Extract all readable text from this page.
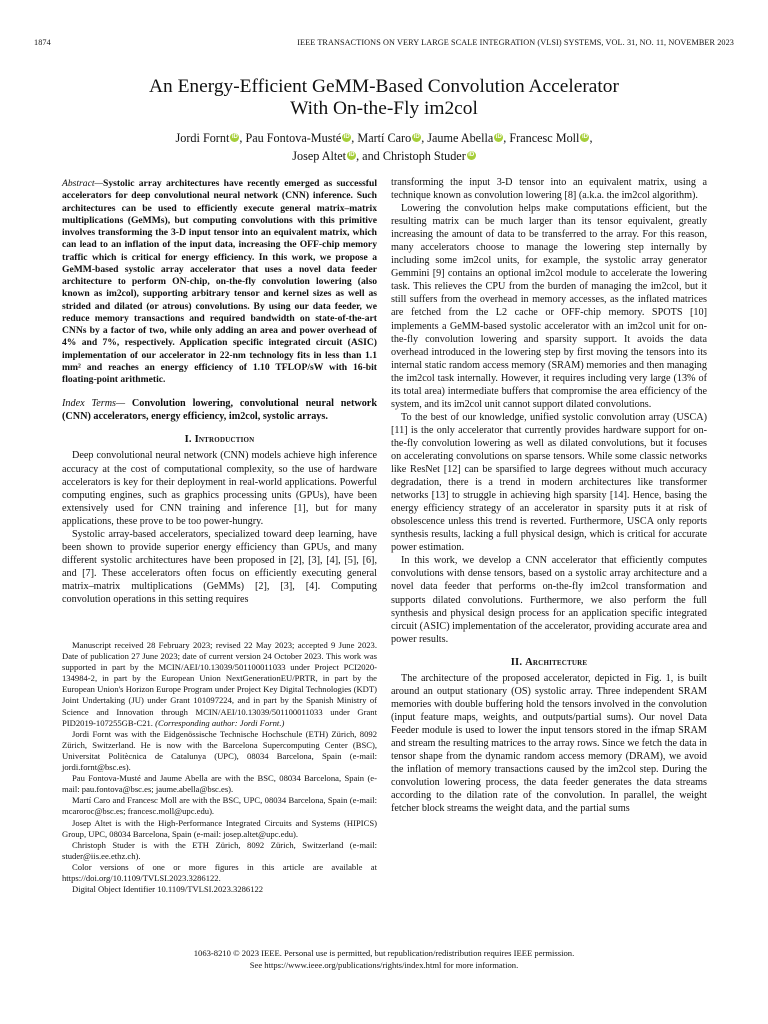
1874	IEEE TRANSACTIONS ON VERY LARGE SCALE INTEGRATION (VLSI) SYSTEMS, VOL. 31, NO. 11, NOVEMBER 2023
An Energy-Efficient GeMM-Based Convolution Accelerator
With On-the-Fly im2col
Jordi Fornt iD , Pau Fontova-Musté iD , Martí Caro iD , Jaume Abella iD , Francesc Moll iD ,
Josep Altet iD , and Christoph Studer iD

Abstract—Systolic array architectures have recently emerged as successful accelerators for deep convolutional neural network (CNN) inference. Such architectures can be used to efficiently execute general matrix–matrix multiplications (GeMMs), but computing convolutions with this primitive involves transforming the 3-D input tensor into an equivalent matrix, which can lead to an inflation of the input data, increasing the OFF-chip memory traffic which is critical for energy efficiency. In this work, we propose a GeMM-based systolic array accelerator that uses a novel data feeder architecture to perform ON-chip, on-the-fly convolution lowering (also known as im2col), supporting arbitrary tensor and kernel sizes as well as strided and dilated (or atrous) convolutions. By using our data feeder, we reduce memory transactions and required bandwidth on state-of-the-art CNNs by a factor of two, while only adding an area and power overhead of 4% and 7%, respectively. Application specific integrated circuit (ASIC) implementation of our accelerator in 22-nm technology fits in less than 1.1 mm² and reaches an energy efficiency of 1.10 TFLOP/sW with 16-bit floating-point arithmetic.

Index Terms— Convolution lowering, convolutional neural network (CNN) accelerators, energy efficiency, im2col, systolic arrays.

I. Introduction

Deep convolutional neural network (CNN) models achieve high inference accuracy at the cost of computational complexity, so the use of hardware accelerators is key for their deployment in real-world applications. Powerful computing engines, such as graphics processing units (GPUs), have been extensively used for CNN training and inference [1], but for many applications, these prove to be too power-hungry.

Systolic array-based accelerators, specialized toward deep learning, have been shown to provide superior energy efficiency than GPUs, and many different systolic architectures have been proposed in [2], [3], [4], [5], [6], and [7]. These accelerators often focus on efficiently executing general matrix–matrix multiplications (GeMMs) [2], [3], [4]. Computing convolution operations in this setting requires

Manuscript received 28 February 2023; revised 22 May 2023; accepted 9 June 2023. Date of publication 27 June 2023; date of current version 24 October 2023. This work was supported in part by the MCIN/AEI/10.13039/501100011033 under Project PCI2020-134984-2, in part by the European Union NextGenerationEU/PRTR, in part by the European Union's Horizon Europe Program under Project Key Digital Technologies (KDT) Joint Undertaking (JU) under Grant 101097224, and in part by the Spanish Ministry of Science and Innovation through MCIN/AEI/10.13039/501100011033 under Grant PID2019-107255GB-C21. (Corresponding author: Jordi Fornt.)

Jordi Fornt was with the Eidgenössische Technische Hochschule (ETH) Zürich, 8092 Zürich, Switzerland. He is now with the Barcelona Supercomputing Center (BSC), Universitat Politècnica de Catalunya (UPC), 08034 Barcelona, Spain (e-mail: jordi.fornt@bsc.es).

Pau Fontova-Musté and Jaume Abella are with the BSC, 08034 Barcelona, Spain (e-mail: pau.fontova@bsc.es; jaume.abella@bsc.es).

Martí Caro and Francesc Moll are with the BSC, UPC, 08034 Barcelona, Spain (e-mail: mcaroroc@bsc.es; francesc.moll@upc.edu).

Josep Altet is with the High-Performance Integrated Circuits and Systems (HIPICS) Group, UPC, 08034 Barcelona, Spain (e-mail: josep.altet@upc.edu).

Christoph Studer is with the ETH Zürich, 8092 Zürich, Switzerland (e-mail: studer@iis.ee.ethz.ch).

Color versions of one or more figures in this article are available at https://doi.org/10.1109/TVLSI.2023.3286122.

Digital Object Identifier 10.1109/TVLSI.2023.3286122

transforming the input 3-D tensor into an equivalent matrix, using a technique known as convolution lowering [8] (a.k.a. the im2col algorithm).

Lowering the convolution helps make computations efficient, but the resulting matrix can be much larger than its tensor equivalent, greatly increasing the amount of data to be transferred to the array. For this reason, many accelerators choose to manage the lowering step internally by including some im2col units, for example, the systolic array generator Gemmini [9] contains an optional im2col module to accelerate the lowering task. This relieves the CPU from the burden of managing the im2col, but it still suffers from the overhead in memory accesses, as the inflated matrices are fetched from the L2 cache or OFF-chip memory. SPOTS [10] implements a GeMM-based systolic accelerator with an im2col unit for on-the-fly convolution lowering and sparsity support. It avoids the data overhead introduced in the lowering step by first moving the tensors into its internal static random access memory (SRAM) memories and then managing the im2col task internally. However, it requires including very large (13% of its total area) intermediate buffers that compromise the area efficiency of the system, and its im2col unit cannot support dilated convolutions.

To the best of our knowledge, unified systolic convolution array (USCA) [11] is the only accelerator that currently provides hardware support for on-the-fly convolution lowering as well as dilated convolutions, but it focuses on accelerating convolutions on sparse tensors. While some classic networks like ResNet [12] can be sparsified to large degrees without much accuracy degradation, there is a trend in modern architectures like transformer networks [13] to struggle in achieving high sparsity [14]. Hence, basing the energy efficiency strategy of an accelerator in sparsity puts it at risk of obsolescence unless this trend is reverted. Furthermore, USCA only reports synthesis results, lacking a full physical design, which is critical for accurate power estimation.

In this work, we develop a CNN accelerator that efficiently computes convolutions with dense tensors, based on a systolic array architecture and a novel data feeder that performs on-the-fly im2col transformation and supports dilated convolutions. Furthermore, we also perform the full synthesis and physical design process for an application specific integrated circuit (ASIC) implementation of the accelerator, providing accurate area and power results.

II. Architecture

The architecture of the proposed accelerator, depicted in Fig. 1, is built around an output stationary (OS) systolic array. Three independent SRAM memories with double buffering hold the tensors involved in the convolution (input feature maps, weights, and outputs/partial sums). Our novel Data Feeder module is used to lower the input tensors stored in the ifmap SRAM and stream the resulting matrices to the array rows. Since we fetch the data in tensor shape from the dynamic random access memory (DRAM), we avoid the inflation of memory transactions caused by the im2col step. During the convolution lowering process, the data feeder generates the data streams according to the dilation rate of the convolution. In parallel, the weight fetcher block streams the weight data, and the partial sums

1063-8210 © 2023 IEEE. Personal use is permitted, but republication/redistribution requires IEEE permission.
See https://www.ieee.org/publications/rights/index.html for more information.
